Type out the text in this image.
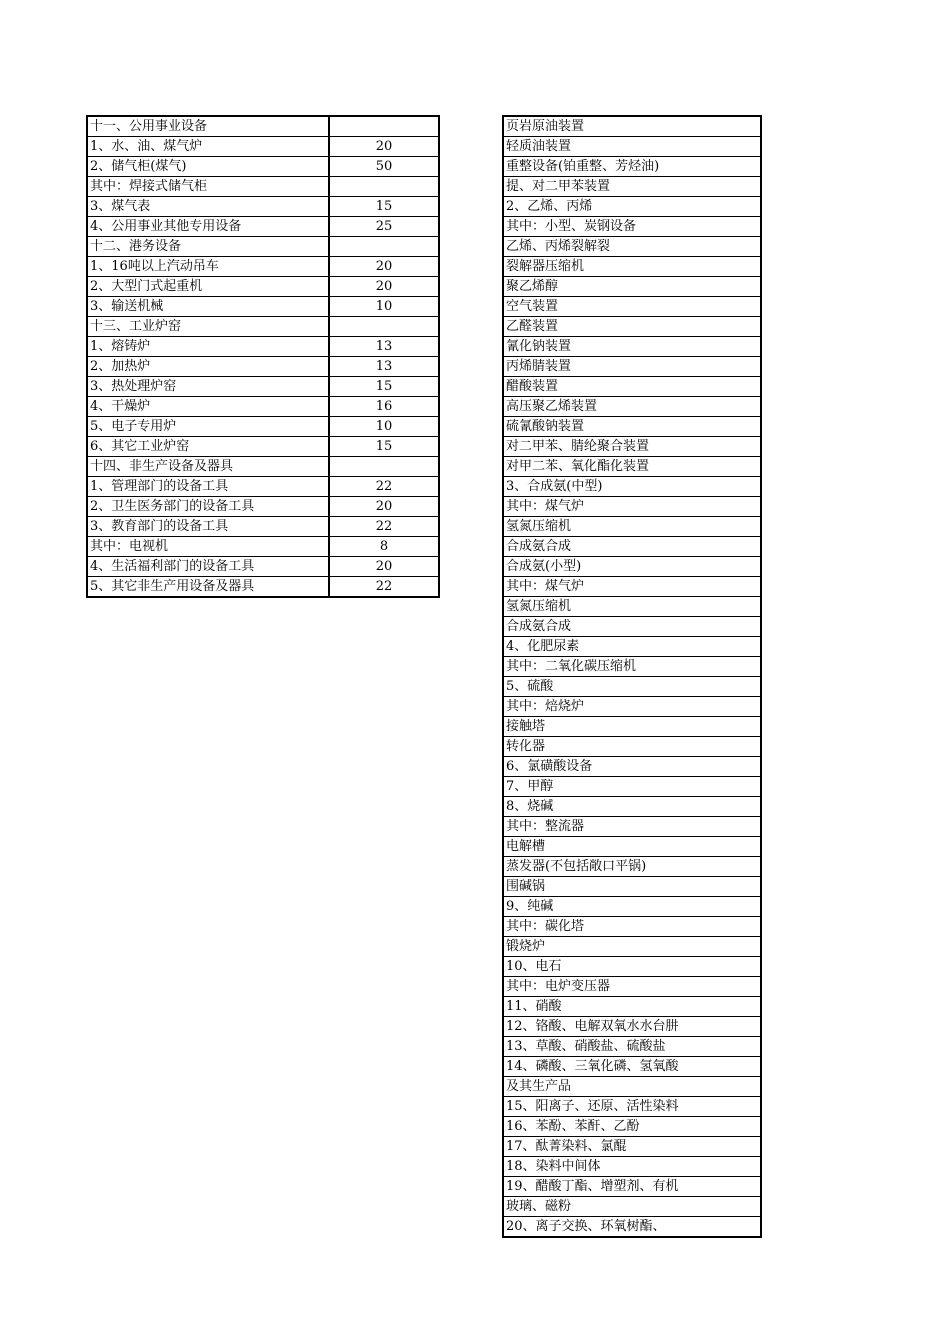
十一、公用事业设备	
1、水、油、煤气炉	20
2、储气柜(煤气)	50
其中：焊接式储气柜	
3、煤气表	15
4、公用事业其他专用设备	25
十二、港务设备	
1、16吨以上汽动吊车	20
2、大型门式起重机	20
3、输送机械	10
十三、工业炉窑	
1、熔铸炉	13
2、加热炉	13
3、热处理炉窑	15
4、干燥炉	16
5、电子专用炉	10
6、其它工业炉窑	15
十四、非生产设备及器具	
1、管理部门的设备工具	22
2、卫生医务部门的设备工具	20
3、教育部门的设备工具	22
其中：电视机	8
4、生活福利部门的设备工具	20
5、其它非生产用设备及器具	22
页岩原油装置
轻质油装置
重整设备(铂重整、芳烃油)
提、对二甲苯装置
2、乙烯、丙烯
其中：小型、炭钢设备
乙烯、丙烯裂解裂
裂解器压缩机
聚乙烯醇
空气装置
乙醛装置
氰化钠装置
丙烯腈装置
醋酸装置
高压聚乙烯装置
硫氰酸钠装置
对二甲苯、腈纶聚合装置
对甲二苯、氧化酯化装置
3、合成氨(中型)
其中：煤气炉
氢氮压缩机
合成氨合成
合成氨(小型)
其中：煤气炉
氢氮压缩机
合成氨合成
4、化肥尿素
其中：二氧化碳压缩机
5、硫酸
其中：焙烧炉
接触塔
转化器
6、氯磺酸设备
7、甲醇
8、烧碱
其中：整流器
电解槽
蒸发器(不包括敞口平锅)
围碱锅
9、纯碱
其中：碳化塔
锻烧炉
10、电石
其中：电炉变压器
11、硝酸
12、铬酸、电解双氧水水台肼
13、草酸、硝酸盐、硫酸盐
14、磷酸、三氧化磷、氢氧酸
及其生产品
15、阳离子、还原、活性染料
16、苯酚、苯酐、乙酚
17、酞菁染料、氯醌
18、染料中间体
19、醋酸丁酯、增塑剂、有机
玻璃、磁粉
20、离子交换、环氧树酯、
